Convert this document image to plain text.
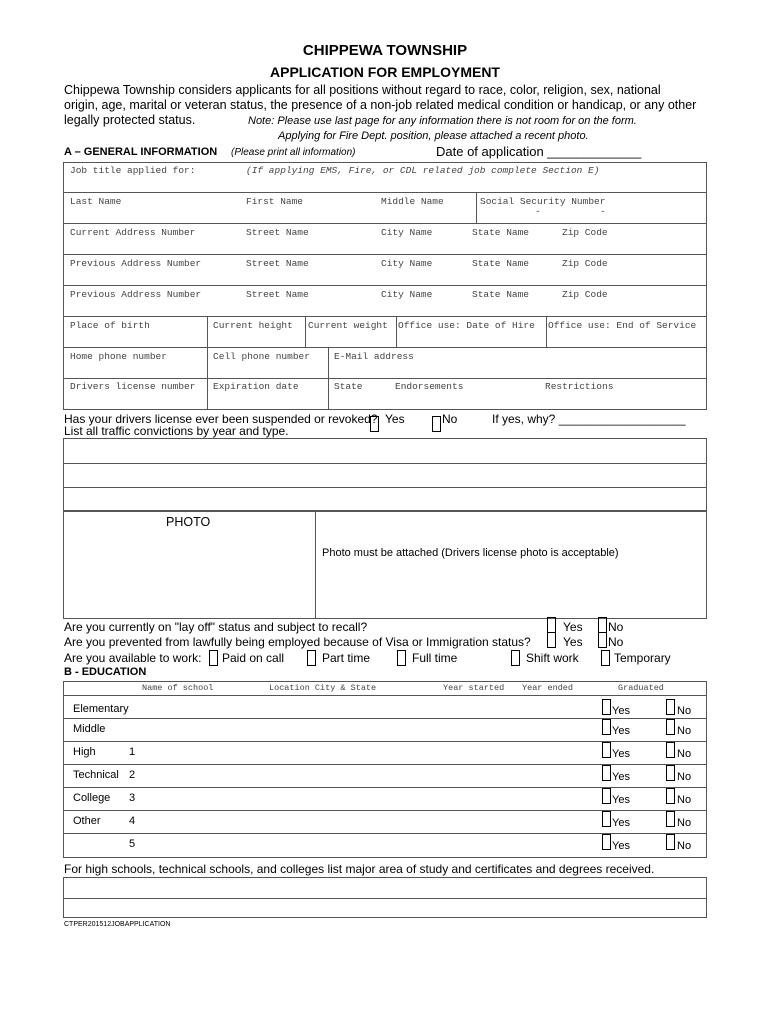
CHIPPEWA TOWNSHIP
APPLICATION FOR EMPLOYMENT
Chippewa Township considers applicants for all positions without regard to race, color, religion, sex, national
origin, age, marital or veteran status, the presence of a non-job related medical condition or handicap, or any other
legally protected status.	Note: Please use last page for any information there is not room for on the form.
Applying for Fire Dept. position, please attached a recent photo.
A – GENERAL INFORMATION (Please print all information)	Date of application _____________
Job title applied for:	(If applying EMS, Fire, or CDL related job complete Section E)
Last Name	First Name	Middle Name	Social Security Number
-	-
Current Address Number	Street Name	City Name	State Name	Zip Code
Previous Address Number	Street Name	City Name	State Name	Zip Code
Previous Address Number	Street Name	City Name	State Name	Zip Code
Place of birth	Current height Current weight Office use: Date of Hire Office use: End of Service
Home phone number	Cell phone number	E-Mail address
Drivers license number Expiration date	State	Endorsements	Restrictions
Has your drivers license ever been suspended or revoked? Yes	No	If yes, why? ___________________
List all traffic convictions by year and type.
PHOTO
Photo must be attached (Drivers license photo is acceptable)
Are you currently on "lay off" status and subject to recall?	Yes No
Are you prevented from lawfully being employed because of Visa or Immigration status?	Yes No
Are you available to work: Paid on call	Part time	Full time	Shift work	Temporary
B - EDUCATION
Name of school	Location City & State	Year started Year ended	Graduated
Elementary	Yes	No
Middle	Yes	No
High	1	Yes	No
Technical 2	Yes	No
College 3	Yes	No
Other	4	Yes	No
5	Yes	No
For high schools, technical schools, and colleges list major area of study and certificates and degrees received.
CTPER201512JOBAPPLICATION
